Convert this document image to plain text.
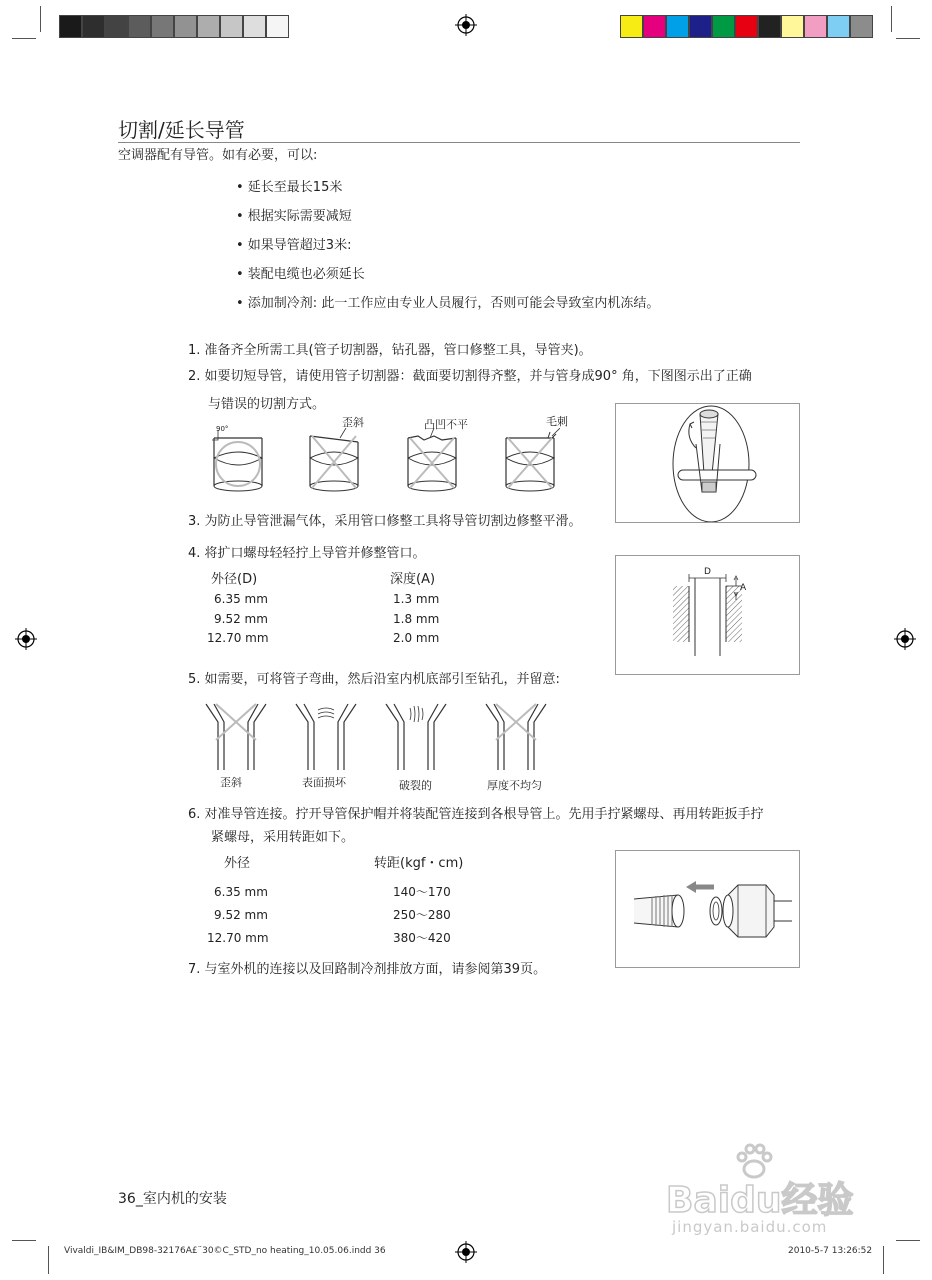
切割/延长导管
空调器配有导管。如有必要，可以:
• 延长至最长15米
• 根据实际需要减短
• 如果导管超过3米:
• 装配电缆也必须延长
• 添加制冷剂: 此一工作应由专业人员履行，否则可能会导致室内机冻结。
1. 准备齐全所需工具(管子切割器，钻孔器，管口修整工具，导管夹)。
2. 如要切短导管，请使用管子切割器：截面要切割得齐整，并与管身成90° 角，下图图示出了正确
与错误的切割方式。
90°	歪斜	凸凹不平	毛刺
3. 为防止导管泄漏气体，采用管口修整工具将导管切割边修整平滑。
4. 将扩口螺母轻轻拧上导管并修整管口。
外径(D)	深度(A)
6.35 mm	1.3 mm
9.52 mm	1.8 mm
12.70 mm	2.0 mm
D
A
5. 如需要，可将管子弯曲，然后沿室内机底部引至钻孔，并留意:
歪斜	表面损坏	破裂的	厚度不均匀
6. 对准导管连接。拧开导管保护帽并将装配管连接到各根导管上。先用手拧紧螺母、再用转距扳手拧
紧螺母，采用转距如下。
外径	转距(kgf・cm)
6.35 mm	140～170
9.52 mm	250～280
12.70 mm	380～420
7. 与室外机的连接以及回路制冷剂排放方面，请参阅第39页。
36_室内机的安装	Baidu经验
jingyan.baidu.com
Vivaldi_IB&IM_DB98-32176A£¨30©C_STD_no heating_10.05.06.indd 36	2010-5-7 13:26:52
